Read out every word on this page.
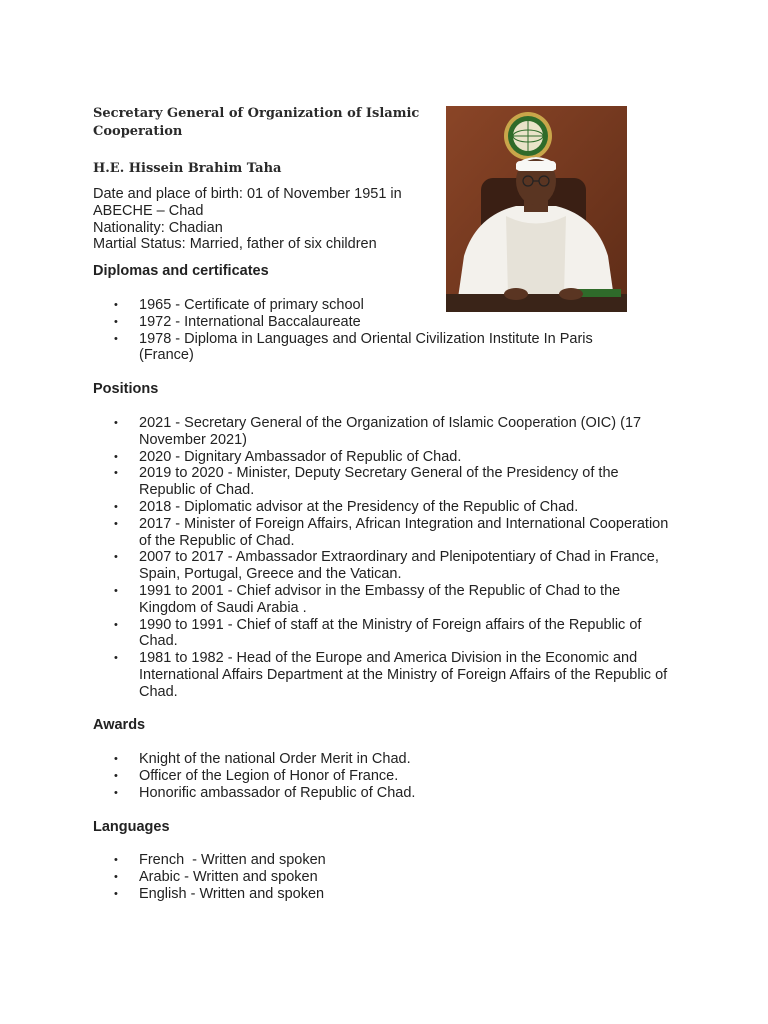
Secretary General of Organization of Islamic Cooperation
H.E. Hissein Brahim Taha
Date and place of birth: 01 of November 1951 in
ABECHE – Chad
Nationality: Chadian
Martial Status: Married, father of six children
Diplomas and certificates
• 1965 - Certificate of primary school
• 1972 - International Baccalaureate
• 1978 - Diploma in Languages and Oriental Civilization Institute In Paris (France)
Positions
• 2021 - Secretary General of the Organization of Islamic Cooperation (OIC) (17 November 2021)
• 2020 - Dignitary Ambassador of Republic of Chad.
• 2019 to 2020 - Minister, Deputy Secretary General of the Presidency of the Republic of Chad.
• 2018 - Diplomatic advisor at the Presidency of the Republic of Chad.
• 2017 - Minister of Foreign Affairs, African Integration and International Cooperation of the Republic of Chad.
• 2007 to 2017 - Ambassador Extraordinary and Plenipotentiary of Chad in France, Spain, Portugal, Greece and the Vatican.
• 1991 to 2001 - Chief advisor in the Embassy of the Republic of Chad to the Kingdom of Saudi Arabia .
• 1990 to 1991 - Chief of staff at the Ministry of Foreign affairs of the Republic of Chad.
• 1981 to 1982 - Head of the Europe and America Division in the Economic and International Affairs Department at the Ministry of Foreign Affairs of the Republic of Chad.
Awards
• Knight of the national Order Merit in Chad.
• Officer of the Legion of Honor of France.
• Honorific ambassador of Republic of Chad.
Languages
• French  - Written and spoken
• Arabic - Written and spoken
• English - Written and spoken
